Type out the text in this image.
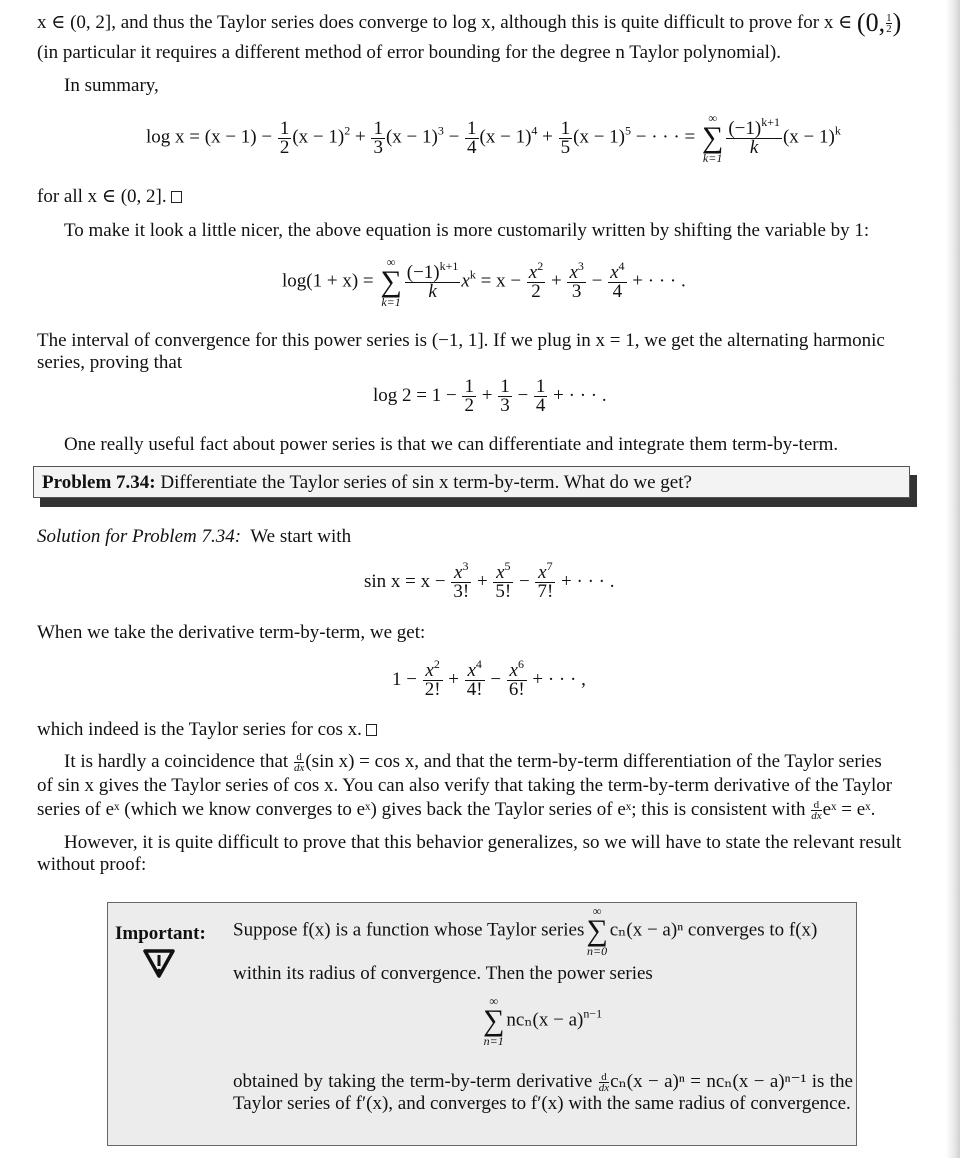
x ∈ (0, 2], and thus the Taylor series does converge to log x, although this is quite difficult to prove for x ∈ (0, $\frac{1}{2}$ )
(in particular it requires a different method of error bounding for the degree n Taylor polynomial).
In summary,
$\log x = (x - 1) - \frac{1}{2} (x - 1)^2 + \frac{1}{3} (x - 1)^3 - \frac{1}{4} (x - 1)^4 + \frac{1}{5} (x - 1)^5$ − · · · =
∞
∑
k=1
$\frac{(-1)^{k+1}}{k} (x - 1)^k$
for all x ∈ (0, 2].
To make it look a little nicer, the above equation is more customarily written by shifting the variable by 1:
log(1 + x) =
∞
∑
k=1
$\frac{(-1)^{k+1}}{k} x^k = x - \frac{x^2}{2} + \frac{x^3}{3} - \frac{x^4}{4}$ + · · · .
The interval of convergence for this power series is (−1, 1]. If we plug in x = 1, we get the alternating harmonic
series, proving that
$\log 2 = 1 - \frac{1}{2} + \frac{1}{3} - \frac{1}{4}$ + · · · .
One really useful fact about power series is that we can differentiate and integrate them term-by-term.
Problem 7.34: Differentiate the Taylor series of sin x term-by-term. What do we get?
Solution for Problem 7.34: We start with
$\sin x = x - \frac{x^3}{3!} + \frac{x^5}{5!} - \frac{x^7}{7!}$ + · · · .
When we take the derivative term-by-term, we get:
$1 - \frac{x^2}{2!} + \frac{x^4}{4!} - \frac{x^6}{6!}$ + · · · ,
which indeed is the Taylor series for cos x.
It is hardly a coincidence that $\frac{d}{dx}(\sin$ x) = cos x, and that the term-by-term differentiation of the Taylor series
of sin x gives the Taylor series of cos x. You can also verify that taking the term-by-term derivative of the Taylor
series of eˣ (which we know converges to eˣ) gives back the Taylor series of eˣ; this is consistent with $\frac{d}{dx}eˣ$ = eˣ.
However, it is quite difficult to prove that this behavior generalizes, so we will have to state the relevant result
without proof:
Important: Suppose f(x) is a function whose Taylor series
∞
∑
n=0
cₙ(x − a)ⁿ converges to f(x)
within its radius of convergence. Then the power series
∞
∑
n=1
$nc_n(x - a)^{n-1}$
obtained by taking the term-by-term derivative $\frac{d}{dx}c_n(x - a)^n = nc_n(x - a)^{n-1}$ is the Taylor series of f′(x), and converges to f′(x) with the same radius of convergence.
